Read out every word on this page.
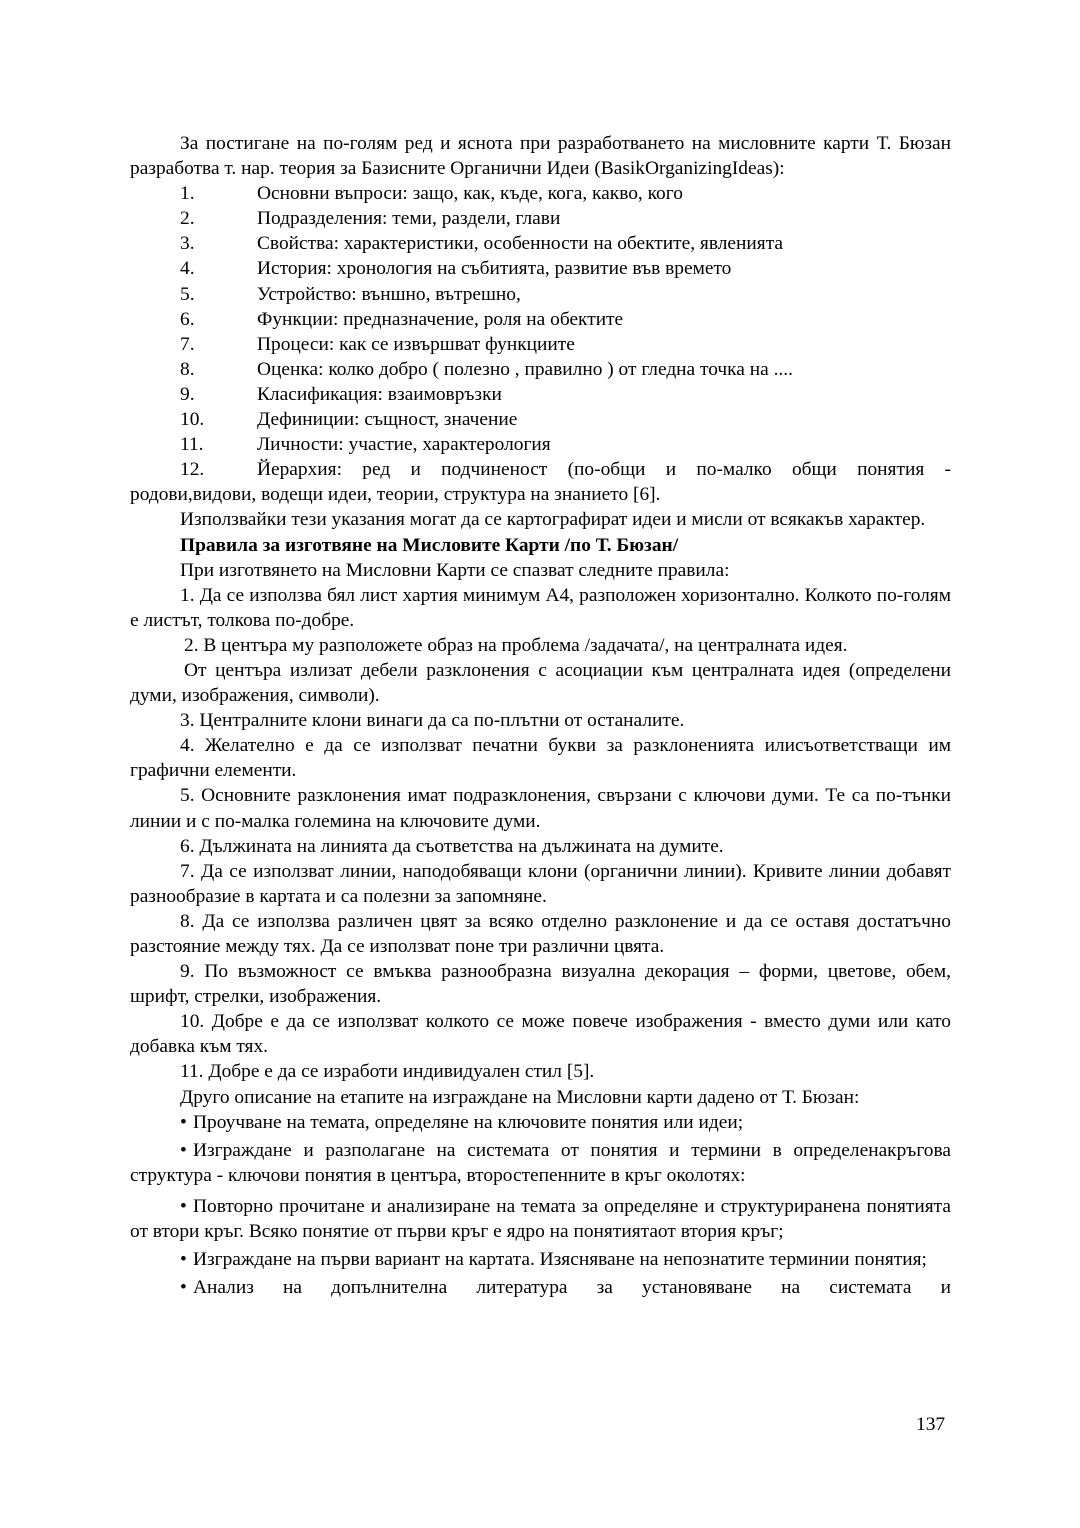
За постигане на по-голям ред и яснота при разработването на мисловните карти Т. Бюзан разработва т. нар. теория за Базисните Органични Идеи (BasikOrganizingIdeas):
1.	Основни въпроси: защо, как, къде, кога, какво, кого
2.	Подразделения: теми, раздели, глави
3.	Свойства: характеристики, особенности на обектите, явленията
4.	История: хронология на събитията, развитие във времето
5.	Устройство: външно, вътрешно,
6.	Функции: предназначение, роля на обектите
7.	Процеси: как се извършват функциите
8.	Оценка: колко добро ( полезно , правилно ) от гледна точка на ....
9.	Класификация: взаимовръзки
10.	Дефиниции: същност, значение
11.	Личности: участие, характерология
12.	Йерархия: ред и подчиненост (по-общи и по-малко общи понятия -
родови,видови, водещи идеи, теории, структура на знанието [6].
Използвайки тези указания могат да се картографират идеи и мисли от всякакъв характер.
Правила за изготвяне на Мисловите Карти /по Т. Бюзан/
При изготвянето на Мисловни Карти се спазват следните правила:
1. Да се използва бял лист хартия минимум А4, разположен хоризонтално. Колкото по-голям е листът, толкова по-добре.
2. В центъра му разположете образ на проблема /задачата/, на централната идея.
От центъра излизат дебели разклонения с асоциации към централната идея (определени думи, изображения, символи).
3. Централните клони винаги да са по-плътни от останалите.
4. Желателно е да се използват печатни букви за разклоненията илисъответстващи им графични елементи.
5. Основните разклонения имат подразклонения, свързани с ключови думи. Те са по-тънки линии и с по-малка големина на ключовите думи.
6. Дължината на линията да съответства на дължината на думите.
7. Да се използват линии, наподобяващи клони (органични линии). Кривите линии добавят разнообразие в картата и са полезни за запомняне.
8. Да се използва различен цвят за всяко отделно разклонение и да се оставя достатъчно разстояние между тях. Да се използват поне три различни цвята.
9. По възможност се вмъква разнообразна визуална декорация – форми, цветове, обем, шрифт, стрелки, изображения.
10. Добре е да се използват колкото се може повече изображения - вместо думи или като добавка към тях.
11. Добре е да се изработи индивидуален стил [5].
Друго описание на етапите на изграждане на Мисловни карти дадено от Т. Бюзан:
• Проучване на темата, определяне на ключовите понятия или идеи;
• Изграждане и разполагане на системата от понятия и термини в определенакръгова структура - ключови понятия в центъра, второстепенните в кръг околотях:
• Повторно прочитане и анализиране на темата за определяне и структуриранена понятията от втори кръг. Всяко понятие от първи кръг е ядро на понятиятаот втория кръг;
• Изграждане на първи вариант на картата. Изясняване на непознатите терминии понятия;
• Анализ на допълнителна литература за установяване на системата и
137
